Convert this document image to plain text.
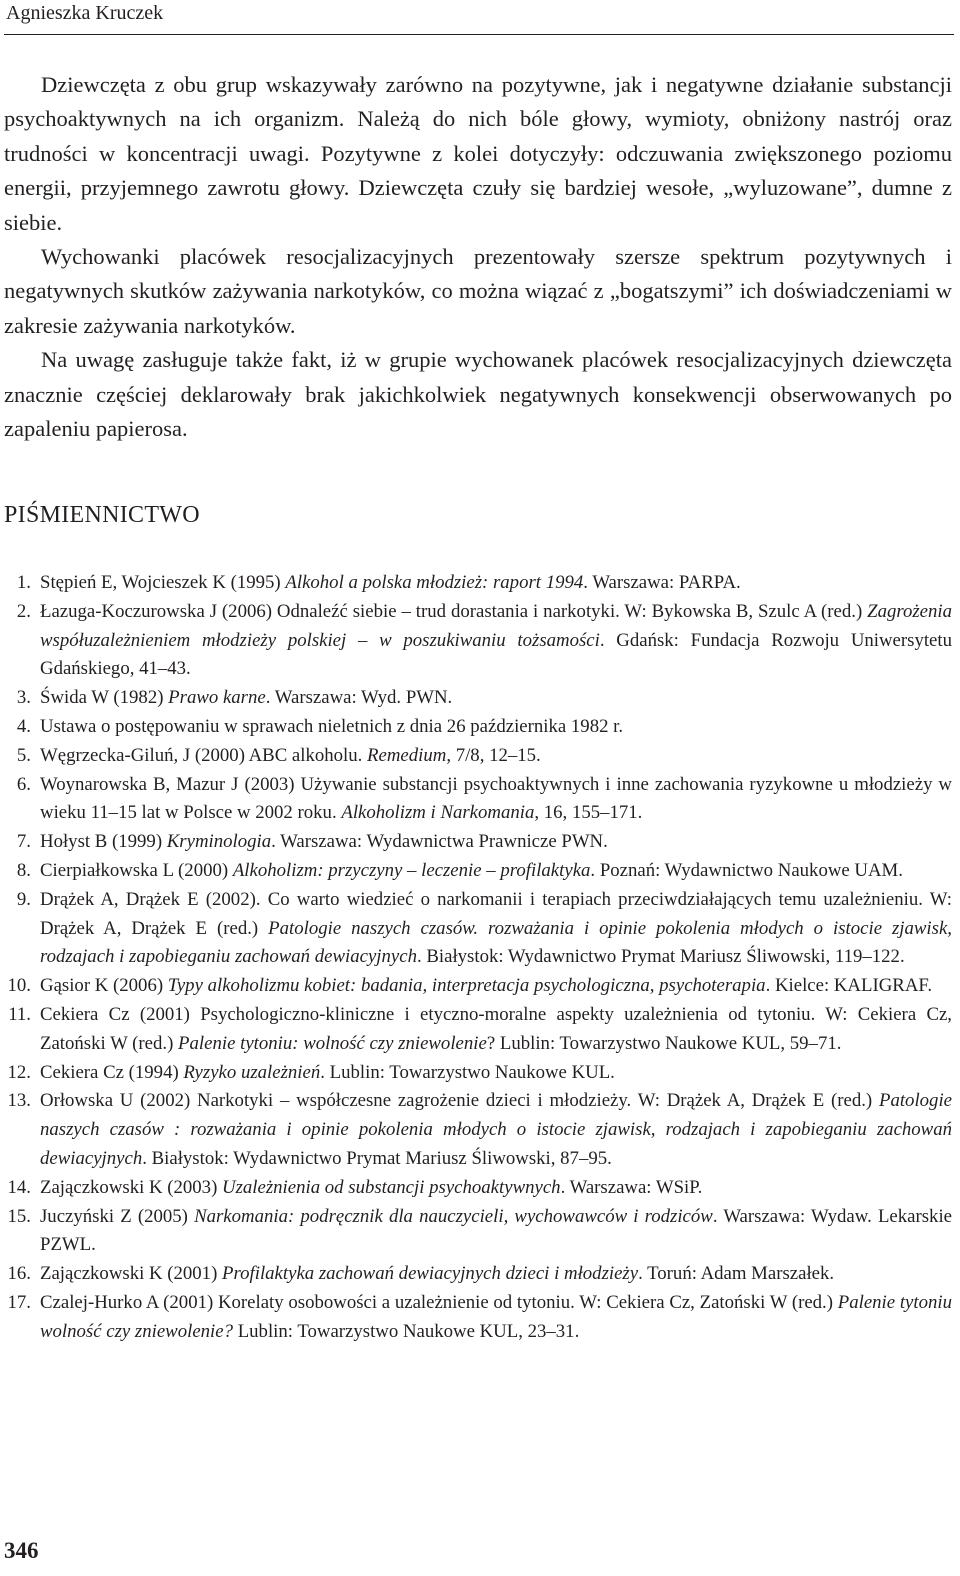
Agnieszka Kruczek

Dziewczęta z obu grup wskazywały zarówno na pozytywne, jak i negatywne działanie substancji psychoaktywnych na ich organizm. Należą do nich bóle głowy, wymioty, obniżony nastrój oraz trudności w koncentracji uwagi. Pozytywne z kolei dotyczyły: odczuwania zwiększonego poziomu energii, przyjemnego zawrotu głowy. Dziewczęta czuły się bardziej wesołe, „wyluzowane”, dumne z siebie.

Wychowanki placówek resocjalizacyjnych prezentowały szersze spektrum pozytywnych i negatywnych skutków zażywania narkotyków, co można wiązać z „bogatszymi” ich doświadczeniami w zakresie zażywania narkotyków.

Na uwagę zasługuje także fakt, iż w grupie wychowanek placówek resocjalizacyjnych dziewczęta znacznie częściej deklarowały brak jakichkolwiek negatywnych konsekwencji obserwowanych po zapaleniu papierosa.

PIŚMIENNICTWO
1. Stępień E, Wojcieszek K (1995) Alkohol a polska młodzież: raport 1994. Warszawa: PARPA.
2. Łazuga-Koczurowska J (2006) Odnaleźć siebie – trud dorastania i narkotyki. W: Bykowska B, Szulc A (red.) Zagrożenia współuzależnieniem młodzieży polskiej – w poszukiwaniu tożsamości. Gdańsk: Fundacja Rozwoju Uniwersytetu Gdańskiego, 41–43.
3. Świda W (1982) Prawo karne. Warszawa: Wyd. PWN.
4. Ustawa o postępowaniu w sprawach nieletnich z dnia 26 października 1982 r.
5. Węgrzecka-Giluń, J (2000) ABC alkoholu. Remedium, 7/8, 12–15.
6. Woynarowska B, Mazur J (2003) Używanie substancji psychoaktywnych i inne zachowania ryzykowne u młodzieży w wieku 11–15 lat w Polsce w 2002 roku. Alkoholizm i Narkomania, 16, 155–171.
7. Hołyst B (1999) Kryminologia. Warszawa: Wydawnictwa Prawnicze PWN.
8. Cierpiałkowska L (2000) Alkoholizm: przyczyny – leczenie – profilaktyka. Poznań: Wydawnictwo Naukowe UAM.
9. Drążek A, Drążek E (2002). Co warto wiedzieć o narkomanii i terapiach przeciwdziałających temu uzależnieniu. W: Drążek A, Drążek E (red.) Patologie naszych czasów. rozważania i opinie pokolenia młodych o istocie zjawisk, rodzajach i zapobieganiu zachowań dewiacyjnych. Białystok: Wydawnictwo Prymat Mariusz Śliwowski, 119–122.
10. Gąsior K (2006) Typy alkoholizmu kobiet: badania, interpretacja psychologiczna, psychoterapia. Kielce: KALIGRAF.
11. Cekiera Cz (2001) Psychologiczno-kliniczne i etyczno-moralne aspekty uzależnienia od tytoniu. W: Cekiera Cz, Zatoński W (red.) Palenie tytoniu: wolność czy zniewolenie? Lublin: Towarzystwo Naukowe KUL, 59–71.
12. Cekiera Cz (1994) Ryzyko uzależnień. Lublin: Towarzystwo Naukowe KUL.
13. Orłowska U (2002) Narkotyki – współczesne zagrożenie dzieci i młodzieży. W: Drążek A, Drążek E (red.) Patologie naszych czasów : rozważania i opinie pokolenia młodych o istocie zjawisk, rodzajach i zapobieganiu zachowań dewiacyjnych. Białystok: Wydawnictwo Prymat Mariusz Śliwowski, 87–95.
14. Zajączkowski K (2003) Uzależnienia od substancji psychoaktywnych. Warszawa: WSiP.
15. Juczyński Z (2005) Narkomania: podręcznik dla nauczycieli, wychowawców i rodziców. Warszawa: Wydaw. Lekarskie PZWL.
16. Zajączkowski K (2001) Profilaktyka zachowań dewiacyjnych dzieci i młodzieży. Toruń: Adam Marszałek.
17. Czalej-Hurko A (2001) Korelaty osobowości a uzależnienie od tytoniu. W: Cekiera Cz, Zatoński W (red.) Palenie tytoniu wolność czy zniewolenie? Lublin: Towarzystwo Naukowe KUL, 23–31.
346
